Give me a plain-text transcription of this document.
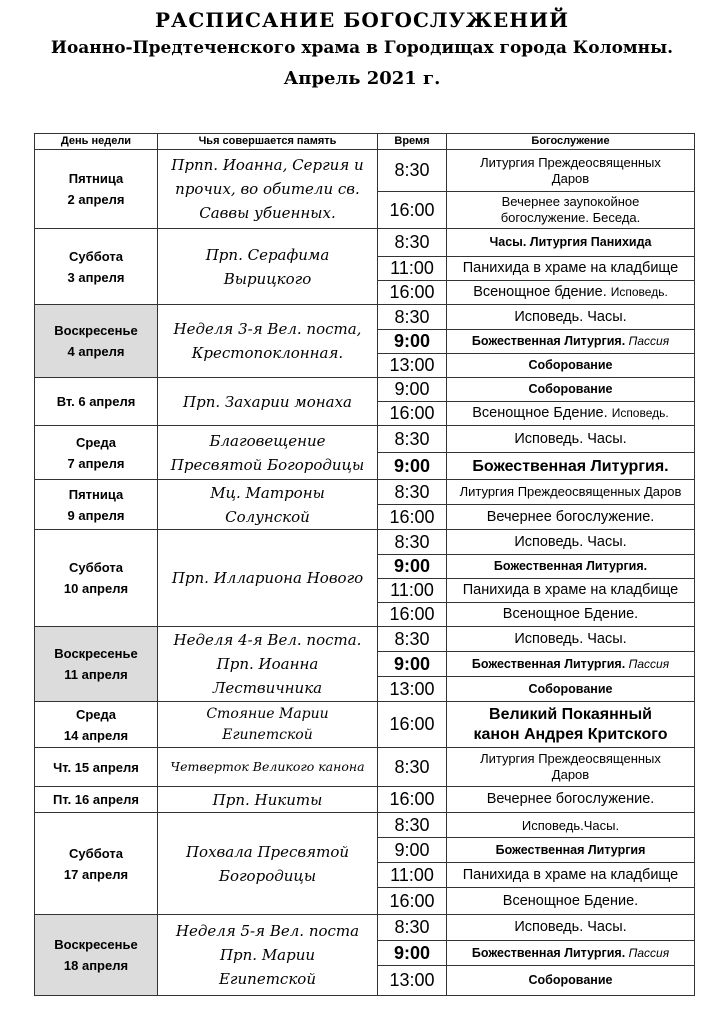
РАСПИСАНИЕ БОГОСЛУЖЕНИЙ
Иоанно-Предтеченского храма в Городищах города Коломны.
Апрель 2021 г.
День недели	Чья совершается память	Время	Богослужение
Пятница
2 апреля	Прпп. Иоанна, Сергия и
прочих, во обители св.
Саввы убиенных.	8:30	Литургия Преждеосвященных
Даров
		16:00	Вечернее заупокойное
богослужение. Беседа.
Суббота
3 апреля	Прп. Серафима
Вырицкого	8:30	Часы. Литургия Панихида
		11:00	Панихида в храме на кладбище
		16:00	Всенощное бдение. Исповедь.
Воскресенье
4 апреля	Неделя 3-я Вел. поста,
Крестопоклонная.	8:30	Исповедь. Часы.
		9:00	Божественная Литургия. Пассия
		13:00	Соборование
Вт. 6 апреля	Прп. Захарии монаха	9:00	Соборование
		16:00	Всенощное Бдение. Исповедь.
Среда
7 апреля	Благовещение
Пресвятой Богородицы	8:30	Исповедь. Часы.
		9:00	Божественная Литургия.
Пятница
9 апреля	Мц. Матроны
Солунской	8:30	Литургия Преждеосвященных Даров
		16:00	Вечернее богослужение.
Суббота
10 апреля	Прп. Иллариона Нового	8:30	Исповедь. Часы.
		9:00	Божественная Литургия.
		11:00	Панихида в храме на кладбище
		16:00	Всенощное Бдение.
Воскресенье
11 апреля	Неделя 4-я Вел. поста.
Прп. Иоанна
Лествичника	8:30	Исповедь. Часы.
		9:00	Божественная Литургия. Пассия
		13:00	Соборование
Среда
14 апреля	Стояние Марии
Египетской	16:00	Великий Покаянный
канон Андрея Критского
Чт. 15 апреля	Четверток Великого канона	8:30	Литургия Преждеосвященных
Даров
Пт. 16 апреля	Прп. Никиты	16:00	Вечернее богослужение.
Суббота
17 апреля	Похвала Пресвятой
Богородицы	8:30	Исповедь.Часы.
		9:00	Божественная Литургия
		11:00	Панихида в храме на кладбище
		16:00	Всенощное Бдение.
Воскресенье
18 апреля	Неделя 5-я Вел. поста
Прп. Марии
Египетской	8:30	Исповедь. Часы.
		9:00	Божественная Литургия. Пассия
		13:00	Соборование
